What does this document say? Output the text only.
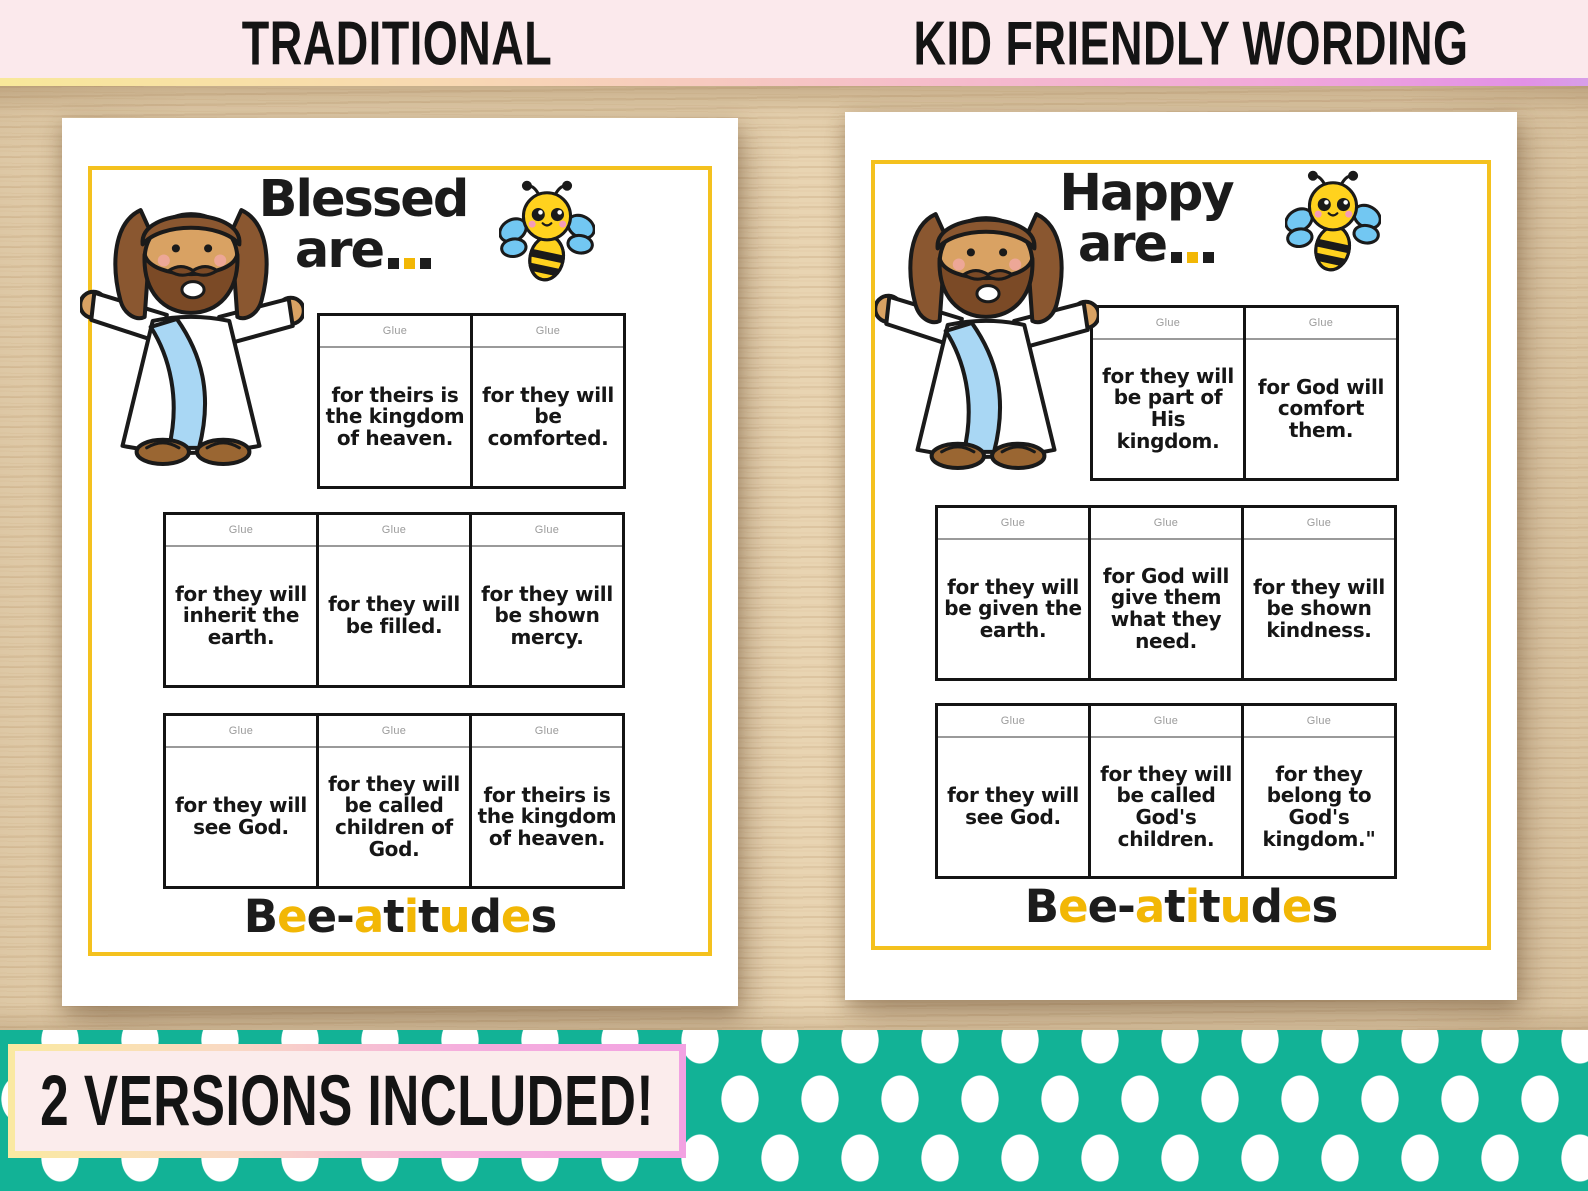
TRADITIONAL	KID FRIENDLY WORDING
Blessed
are
Glue
for theirs is the kingdom of heaven.
Glue
for they will be comforted.
Glue
for they will inherit the earth.
Glue
for they will be filled.
Glue
for they will be shown mercy.
Glue
for they will see God.
Glue
for they will be called children of God.
Glue
for theirs is the kingdom of heaven.
Bee-atitudes
Happy
are
Glue
for they will be part of His kingdom.
Glue
for God will comfort them.
Glue
for they will be given the earth.
Glue
for God will give them what they need.
Glue
for they will be shown kindness.
Glue
for they will see God.
Glue
for they will be called God's children.
Glue
for they belong to God's kingdom."
Bee-atitudes
2 VERSIONS INCLUDED!
